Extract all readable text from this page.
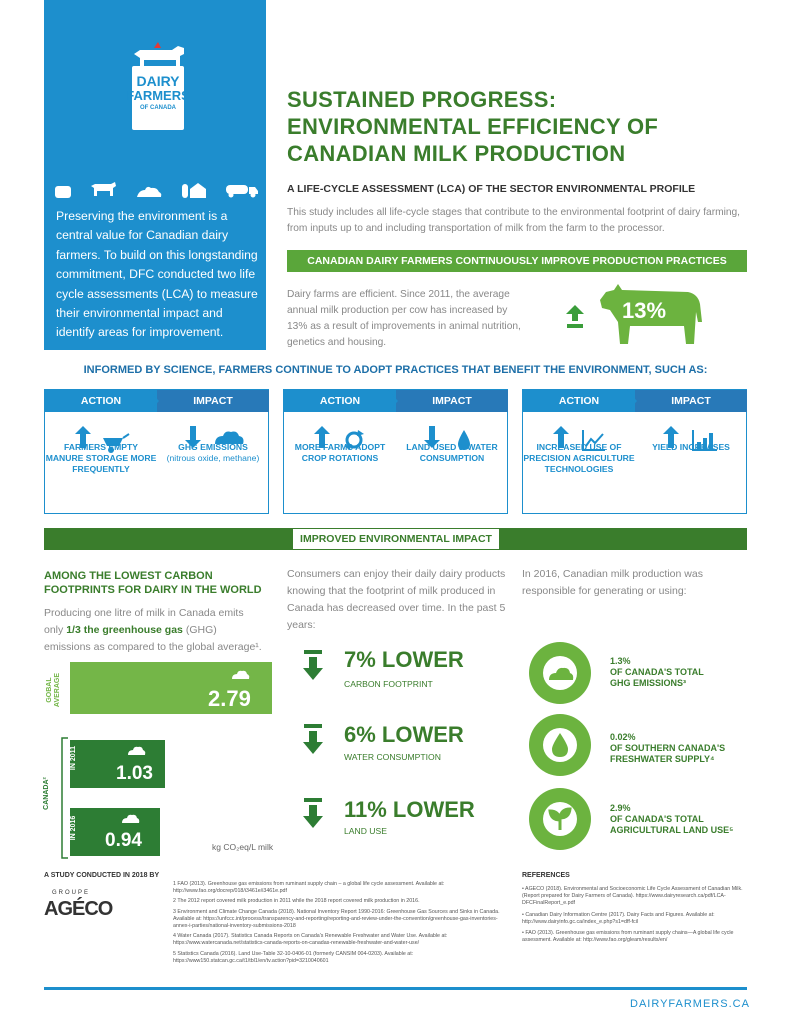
DAIRY
FARMERS
OF CANADA
Preserving the environment is a central value for Canadian dairy farmers. To build on this longstanding commitment, DFC conducted two life cycle assessments (LCA) to measure their environmental impact and identify areas for improvement.
SUSTAINED PROGRESS:
ENVIRONMENTAL EFFICIENCY OF
CANADIAN MILK PRODUCTION
A LIFE-CYCLE ASSESSMENT (LCA) OF THE SECTOR ENVIRONMENTAL PROFILE
This study includes all life-cycle stages that contribute to the environmental footprint of dairy farming, from inputs up to and including transportation of milk from the farm to the processor.
CANADIAN DAIRY FARMERS CONTINUOUSLY IMPROVE PRODUCTION PRACTICES
Dairy farms are efficient. Since 2011, the average annual milk production per cow has increased by 13% as a result of improvements in animal nutrition, genetics and housing.
13%
INFORMED BY SCIENCE, FARMERS CONTINUE TO ADOPT PRACTICES THAT BENEFIT THE ENVIRONMENT, SUCH AS:
ACTION	IMPACT
FARMERS EMPTY MANURE STORAGE MORE FREQUENTLY
GHG EMISSIONS
(nitrous oxide, methane)
ACTION	IMPACT
MORE FARMS ADOPT CROP ROTATIONS
LAND USED & WATER CONSUMPTION
ACTION	IMPACT
INCREASED USE OF PRECISION AGRICULTURE TECHNOLOGIES
YIELD INCREASES
IMPROVED ENVIRONMENTAL IMPACT
AMONG THE LOWEST CARBON FOOTPRINTS FOR DAIRY IN THE WORLD
Producing one litre of milk in Canada emits only 1/3 the greenhouse gas (GHG) emissions as compared to the global average¹.
GOBAL AVERAGE	2.79
CANADA²
IN 2011
1.03
IN 2016
0.94	kg CO₂eq/L milk
Consumers can enjoy their daily dairy products knowing that the footprint of milk produced in Canada has decreased over time. In the past 5 years:
7% LOWER
CARBON FOOTPRINT
6% LOWER
WATER CONSUMPTION
11% LOWER
LAND USE
In 2016, Canadian milk production was responsible for generating or using:
1.3%
OF CANADA'S TOTAL
GHG EMISSIONS³
0.02%
OF SOUTHERN CANADA'S
FRESHWATER SUPPLY⁴
2.9%
OF CANADA'S TOTAL
AGRICULTURAL LAND USE⁵
A STUDY CONDUCTED IN 2018 BY
GROUPE
AGÉCO
1 FAO (2013). Greenhouse gas emissions from ruminant supply chain – a global life cycle assessment. Available at: http://www.fao.org/docrep/018/i3461e/i3461e.pdf
2 The 2012 report covered milk production in 2011 while the 2018 report covered milk production in 2016.
3 Environment and Climate Change Canada (2018). National Inventory Report 1990-2016: Greenhouse Gas Sources and Sinks in Canada. Available at: https://unfccc.int/process/transparency-and-reporting/reporting-and-review-under-the-convention/greenhouse-gas-inventories-annex-i-parties/national-inventory-submissions-2018
4 Water Canada (2017). Statistics Canada Reports on Canada's Renewable Freshwater and Water Use. Available at: https://www.watercanada.net/statistics-canada-reports-on-canadas-renewable-freshwater-and-water-use/
5 Statistics Canada (2016). Land Use-Table 32-10-0406-01 (formerly CANSIM 004-0203). Available at: https://www150.statcan.gc.ca/t1/tbl1/en/tv.action?pid=3210040601
REFERENCES
• AGECO (2018). Environmental and Socioeconomic Life Cycle Assessment of Canadian Milk. (Report prepared for Dairy Farmers of Canada). https://www.dairyresearch.ca/pdf/LCA-DFCFinalReport_e.pdf
• Canadian Dairy Information Centre (2017). Dairy Facts and Figures. Available at: http://www.dairyinfo.gc.ca/index_e.php?s1=dff-fcil
• FAO (2013). Greenhouse gas emissions from ruminant supply chains—A global life cycle assessment. Available at: http://www.fao.org/gleam/results/en/
DAIRYFARMERS.CA
